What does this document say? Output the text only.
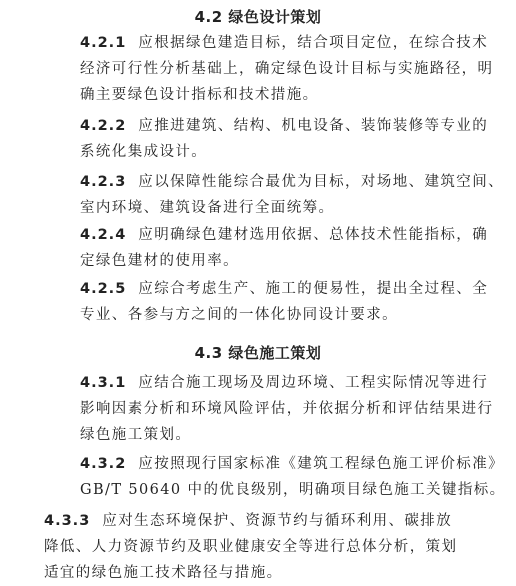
4.2 绿色设计策划
4.2.1 应根据绿色建造目标，结合项目定位，在综合技术
经济可行性分析基础上，确定绿色设计目标与实施路径，明
确主要绿色设计指标和技术措施。
4.2.2 应推进建筑、结构、机电设备、装饰装修等专业的
系统化集成设计。
4.2.3 应以保障性能综合最优为目标，对场地、建筑空间、
室内环境、建筑设备进行全面统筹。
4.2.4 应明确绿色建材选用依据、总体技术性能指标，确
定绿色建材的使用率。
4.2.5 应综合考虑生产、施工的便易性，提出全过程、全
专业、各参与方之间的一体化协同设计要求。
4.3 绿色施工策划
4.3.1 应结合施工现场及周边环境、工程实际情况等进行
影响因素分析和环境风险评估，并依据分析和评估结果进行
绿色施工策划。
4.3.2 应按照现行国家标准《建筑工程绿色施工评价标准》
GB/T 50640 中的优良级别，明确项目绿色施工关键指标。
4.3.3 应对生态环境保护、资源节约与循环利用、碳排放
降低、人力资源节约及职业健康安全等进行总体分析，策划
适宜的绿色施工技术路径与措施。
